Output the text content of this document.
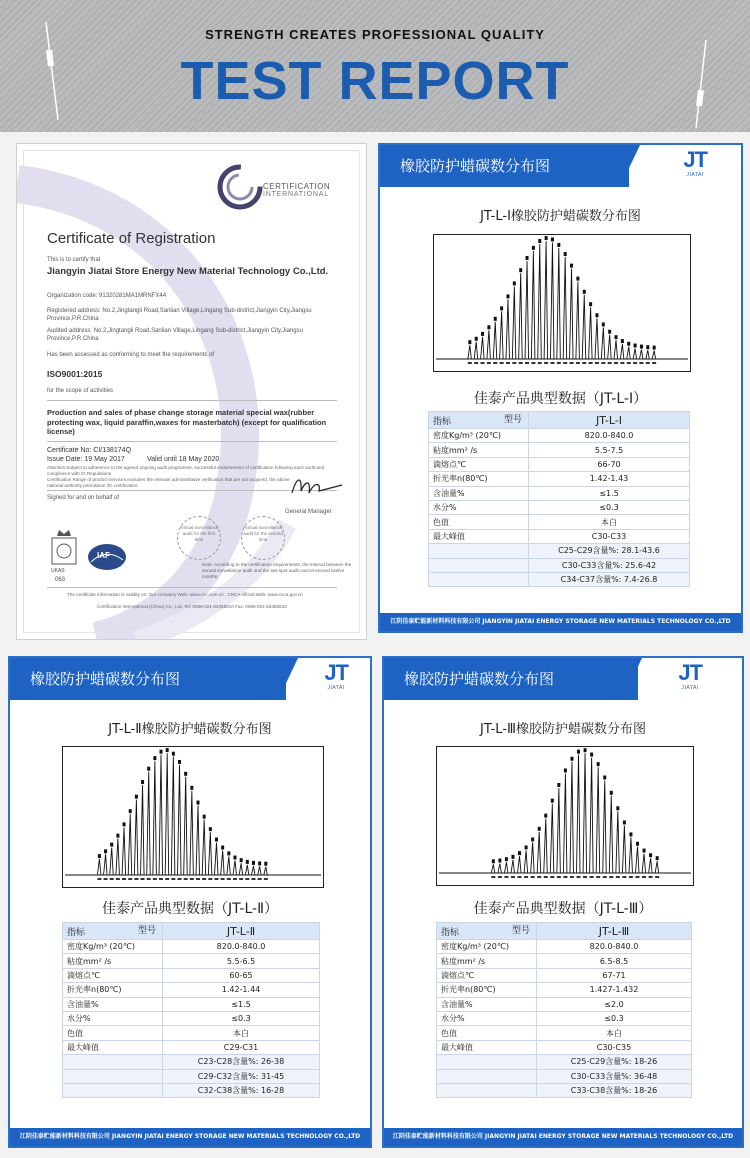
STRENGTH CREATES PROFESSIONAL QUALITY
TEST REPORT
CERTIFICATION
INTERNATIONAL
Certificate of Registration
This is to certify that
Jiangyin Jiatai Store Energy New Material Technology Co.,Ltd.
Organization code: 91320281MA1MRNFX44
Registered address: No.2,Jingtangli Road,Sanlian Village,Lingang Sub-district,Jiangyin City,Jiangsu Province,P.R.China
Audited address: No.2,Jingtangli Road,Sanlian Village,Lingang Sub-district,Jiangyin City,Jiangsu Province,P.R.China
Has been assessed as conforming to meet the requirements of
ISO9001:2015
for the scope of activities
Production and sales of phase change storage material special wax(rubber protecting wax, liquid paraffin,waxes for masterbatch) (except for qualification license)
Certificate No: CI/138174Q
Issue Date: 19 May 2017	Valid until 18 May 2020
Attention:Subject to adherence to the agreed ongoing audit programme, successful endorsement of certification following each audit and compliance with CI Regulations
Certification Range of product services excludes the relevant administrative verification that are not acquired, the above national authority permission 3C certification.
Signed for and on behalf of
General Manager
Annual surveillance audit for the first time
Annual surveillance audit for the second time
Note: According to the certification requirements, the interval between the annual surveillance audit and the last spot audit cannot exceed twelve months.
UKAS
063
IAF
The certificate information is validity on: Our company Web: www.ci-c.com.cn ; CNCA official Web: www.cnca.gov.cn
Certification International (China) Co., Ltd. Tel: 0086-021-63455510 Fax: 0086-021-63455833
橡胶防护蜡碳数分布图	JT
JIATAI
JT-L-Ⅰ橡胶防护蜡碳数分布图
佳泰产品典型数据（JT-L-Ⅰ）
指标 型号	JT-L-Ⅰ
密度Kg/m³ (20℃)	820.0-840.0
粘度mm² /s	5.5-7.5
滴熔点℃	66-70
折光率n(80℃)	1.42-1.43
含油量%	≤1.5
水分%	≤0.3
色值	本白
最大峰值	C30-C33
	C25-C29含量%: 28.1-43.6
	C30-C33含量%: 25.6-42
	C34-C37含量%: 7.4-26.8
江阴佳泰贮能新材料科技有限公司 JIANGYIN JIATAI ENERGY STORAGE NEW MATERIALS TECHNOLOGY CO.,LTD
橡胶防护蜡碳数分布图	JT
JIATAI
JT-L-Ⅱ橡胶防护蜡碳数分布图
佳泰产品典型数据（JT-L-Ⅱ）
指标 型号	JT-L-Ⅱ
密度Kg/m³ (20℃)	820.0-840.0
粘度mm² /s	5.5-6.5
滴熔点℃	60-65
折光率n(80℃)	1.42-1.44
含油量%	≤1.5
水分%	≤0.3
色值	本白
最大峰值	C29-C31
	C23-C28含量%: 26-38
	C29-C32含量%: 31-45
	C32-C38含量%: 16-28
江阴佳泰贮能新材料科技有限公司 JIANGYIN JIATAI ENERGY STORAGE NEW MATERIALS TECHNOLOGY CO.,LTD
橡胶防护蜡碳数分布图	JT
JIATAI
JT-L-Ⅲ橡胶防护蜡碳数分布图
佳泰产品典型数据（JT-L-Ⅲ）
指标 型号	JT-L-Ⅲ
密度Kg/m³ (20℃)	820.0-840.0
粘度mm² /s	6.5-8.5
滴熔点℃	67-71
折光率n(80℃)	1.427-1.432
含油量%	≤2.0
水分%	≤0.3
色值	本白
最大峰值	C30-C35
	C25-C29含量%: 18-26
	C30-C33含量%: 36-48
	C33-C38含量%: 18-26
江阴佳泰贮能新材料科技有限公司 JIANGYIN JIATAI ENERGY STORAGE NEW MATERIALS TECHNOLOGY CO.,LTD
